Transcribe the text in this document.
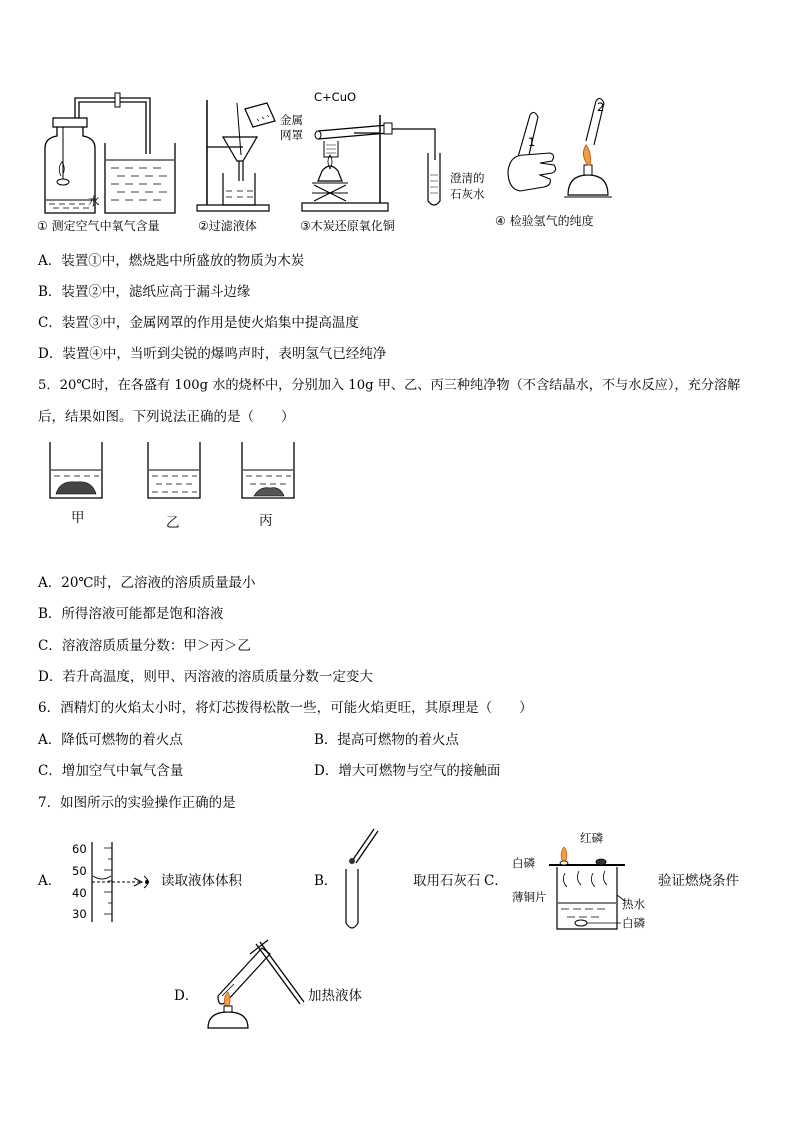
水
① 测定空气中氧气含量	②过滤液体
C+CuO
金属
网罩
澄清的
石灰水
③木炭还原氧化铜
1
2
④ 检验氢气的纯度
A．装置①中，燃烧匙中所盛放的物质为木炭
B．装置②中，滤纸应高于漏斗边缘
C．装置③中，金属网罩的作用是使火焰集中提高温度
D．装置④中，当听到尖锐的爆鸣声时，表明氢气已经纯净
5．20℃时，在各盛有 100g 水的烧杯中，分别加入 10g 甲、乙、丙三种纯净物（不含结晶水，不与水反应），充分溶解
后，结果如图。下列说法正确的是（　　）
甲	乙	丙
A．20℃时，乙溶液的溶质质量最小
B．所得溶液可能都是饱和溶液
C．溶液溶质质量分数：甲＞丙＞乙
D．若升高温度，则甲、丙溶液的溶质质量分数一定变大
6．酒精灯的火焰太小时，将灯芯拨得松散一些，可能火焰更旺，其原理是（　　）
A．降低可燃物的着火点	B．提高可燃物的着火点
C．增加空气中氧气含量	D．增大可燃物与空气的接触面
7．如图所示的实验操作正确的是
A．
60
50
40
30
读取液体体积	B．	取用石灰石 C．
红磷
白磷
薄铜片	热水
白磷
验证燃烧条件
D．	加热液体
